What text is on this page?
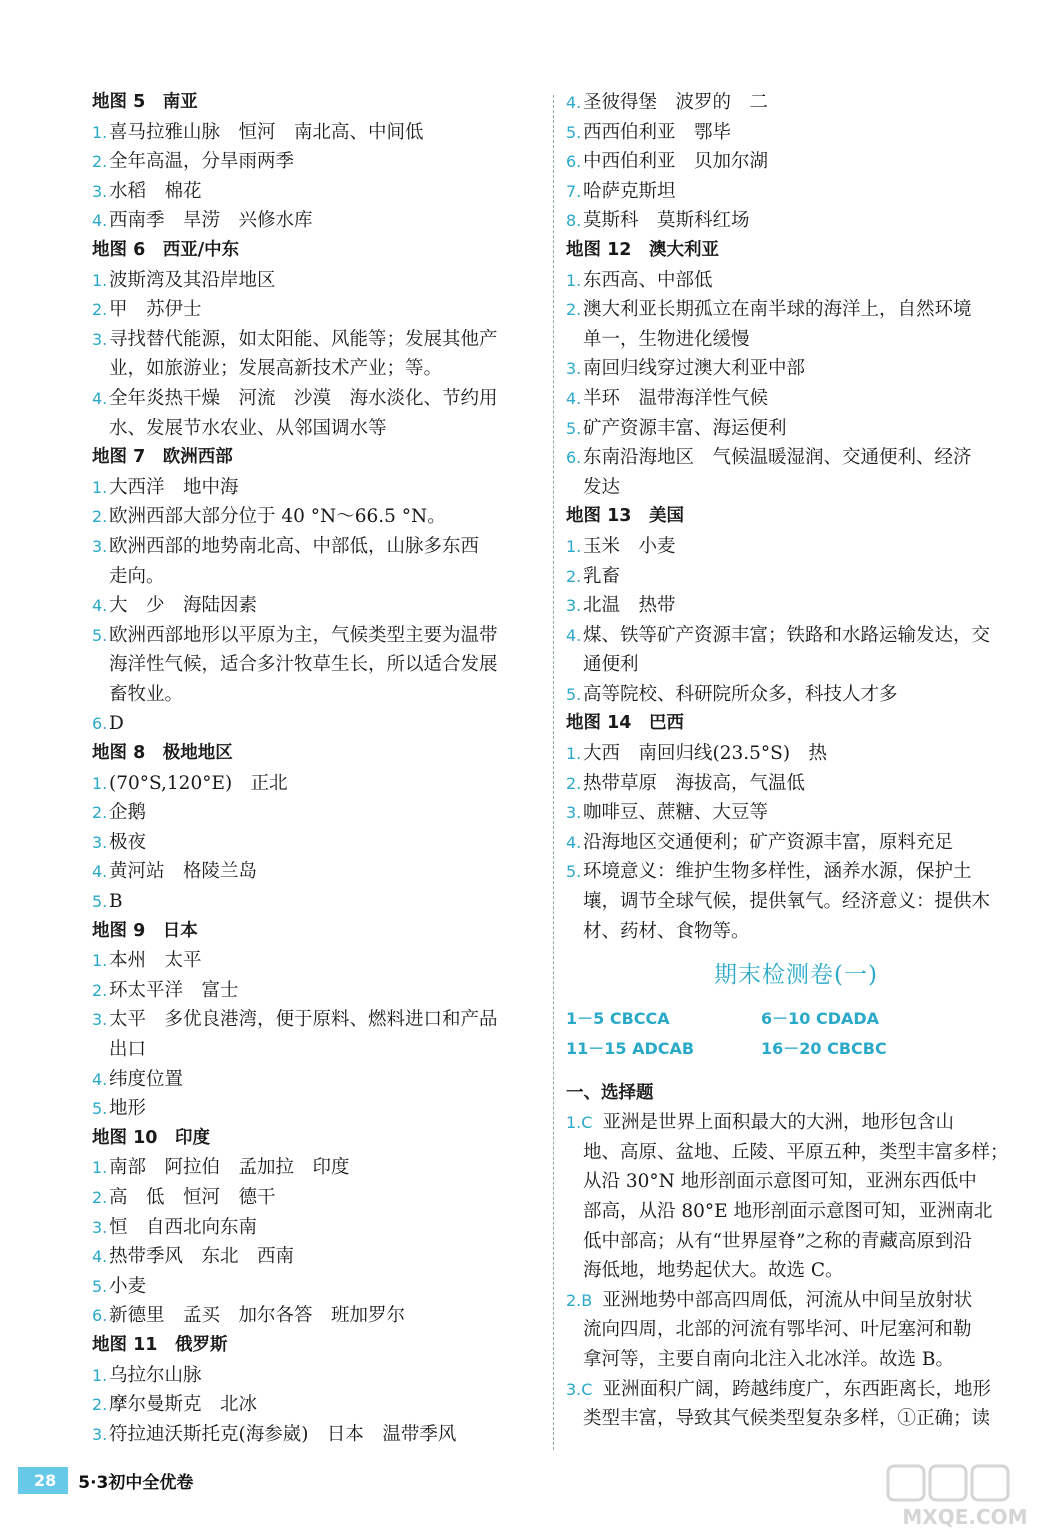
地图 5　南亚
1. 喜马拉雅山脉　恒河　南北高、中间低
2. 全年高温，分旱雨两季
3. 水稻　棉花
4. 西南季　旱涝　兴修水库
地图 6　西亚/中东
1. 波斯湾及其沿岸地区
2. 甲　苏伊士
3. 寻找替代能源，如太阳能、风能等；发展其他产
业，如旅游业；发展高新技术产业；等。
4. 全年炎热干燥　河流　沙漠　海水淡化、节约用
水、发展节水农业、从邻国调水等
地图 7　欧洲西部
1. 大西洋　地中海
2. 欧洲西部大部分位于 40 °N～66.5 °N。
3. 欧洲西部的地势南北高、中部低，山脉多东西
走向。
4. 大　少　海陆因素
5. 欧洲西部地形以平原为主，气候类型主要为温带
海洋性气候，适合多汁牧草生长，所以适合发展
畜牧业。
6. D
地图 8　极地地区
1. (70°S,120°E)　正北
2. 企鹅
3. 极夜
4. 黄河站　格陵兰岛
5. B
地图 9　日本
1. 本州　太平
2. 环太平洋　富士
3. 太平　多优良港湾，便于原料、燃料进口和产品
出口
4. 纬度位置
5. 地形
地图 10　印度
1. 南部　阿拉伯　孟加拉　印度
2. 高　低　恒河　德干
3. 恒　自西北向东南
4. 热带季风　东北　西南
5. 小麦
6. 新德里　孟买　加尔各答　班加罗尔
地图 11　俄罗斯
1. 乌拉尔山脉
2. 摩尔曼斯克　北冰
3. 符拉迪沃斯托克(海参崴)　日本　温带季风
4. 圣彼得堡　波罗的　二
5. 西西伯利亚　鄂毕
6. 中西伯利亚　贝加尔湖
7. 哈萨克斯坦
8. 莫斯科　莫斯科红场
地图 12　澳大利亚
1. 东西高、中部低
2. 澳大利亚长期孤立在南半球的海洋上，自然环境
单一，生物进化缓慢
3. 南回归线穿过澳大利亚中部
4. 半环　温带海洋性气候
5. 矿产资源丰富、海运便利
6. 东南沿海地区　气候温暖湿润、交通便利、经济
发达
地图 13　美国
1. 玉米　小麦
2. 乳畜
3. 北温　热带
4. 煤、铁等矿产资源丰富；铁路和水路运输发达，交
通便利
5. 高等院校、科研院所众多，科技人才多
地图 14　巴西
1. 大西　南回归线(23.5°S)　热
2. 热带草原　海拔高，气温低
3. 咖啡豆、蔗糖、大豆等
4. 沿海地区交通便利；矿产资源丰富，原料充足
5. 环境意义：维护生物多样性，涵养水源，保护土
壤，调节全球气候，提供氧气。经济意义：提供木
材、药材、食物等。
期末检测卷(一)
1－5 CBCCA	6－10 CDADA
11－15 ADCAB	16－20 CBCBC
一、选择题
1.C 亚洲是世界上面积最大的大洲，地形包含山
地、高原、盆地、丘陵、平原五种，类型丰富多样；
从沿 30°N 地形剖面示意图可知，亚洲东西低中
部高，从沿 80°E 地形剖面示意图可知，亚洲南北
低中部高；从有“世界屋脊”之称的青藏高原到沿
海低地，地势起伏大。故选 C。
2.B 亚洲地势中部高四周低，河流从中间呈放射状
流向四周，北部的河流有鄂毕河、叶尼塞河和勒
拿河等，主要自南向北注入北冰洋。故选 B。
3.C 亚洲面积广阔，跨越纬度广，东西距离长，地形
类型丰富，导致其气候类型复杂多样，①正确；读
28	5·3初中全优卷
MXQE.COM
